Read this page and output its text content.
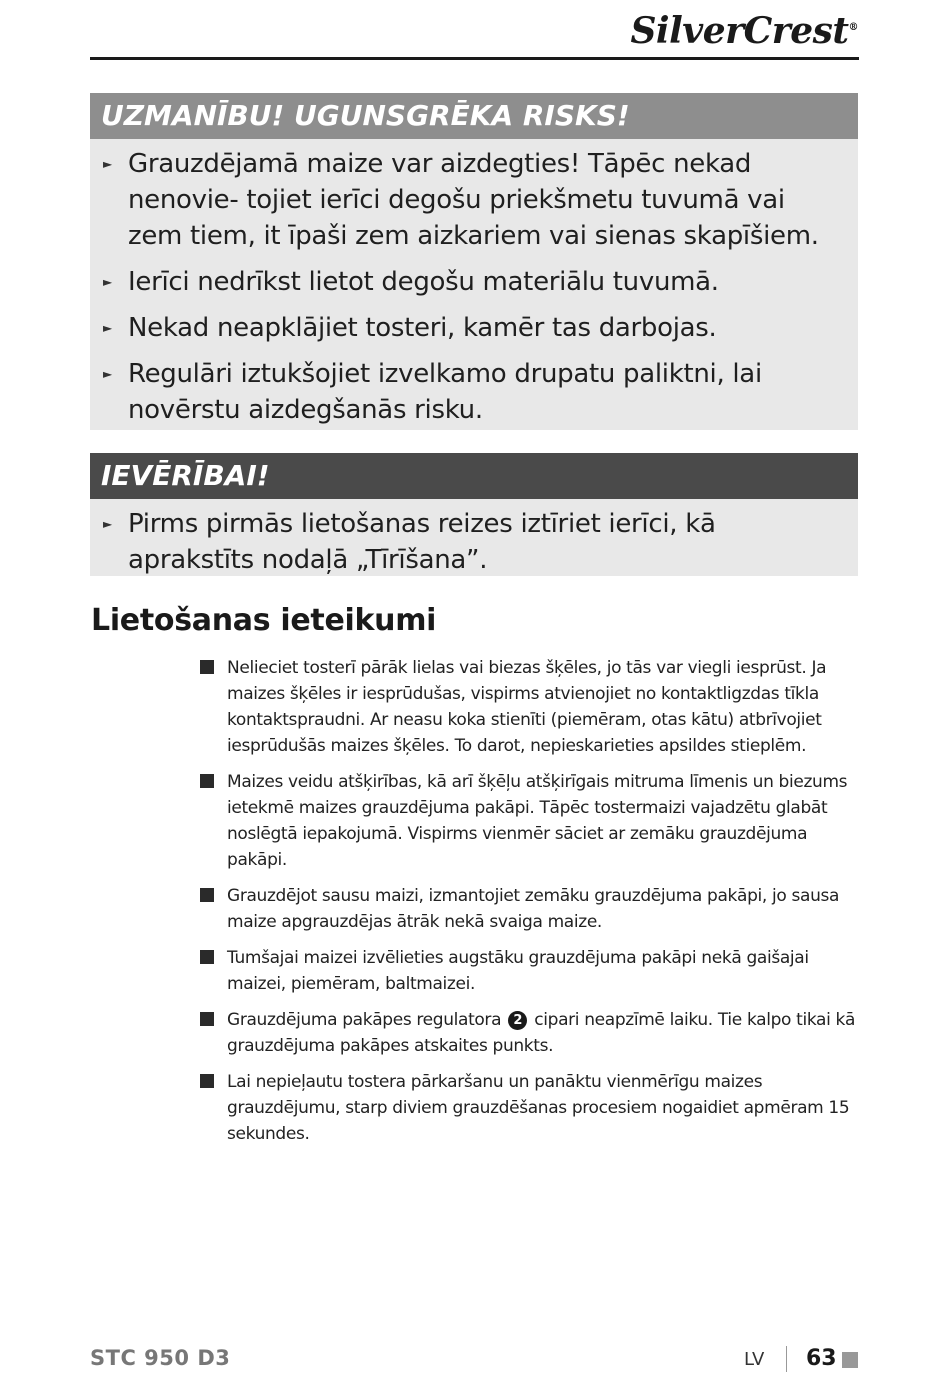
SilverCrest®
UZMANĪBU! UGUNSGRĒKA RISKS!
► Grauzdējamā maize var aizdegties! Tāpēc nekad nenovie- tojiet ierīci degošu priekšmetu tuvumā vai zem tiem, it īpaši zem aizkariem vai sienas skapīšiem.
► Ierīci nedrīkst lietot degošu materiālu tuvumā.
► Nekad neapklājiet tosteri, kamēr tas darbojas.
► Regulāri iztukšojiet izvelkamo drupatu paliktni, lai novērstu aizdegšanās risku.
IEVĒRĪBAI!
► Pirms pirmās lietošanas reizes iztīriet ierīci, kā aprakstīts nodaļā „Tīrīšana”.
Lietošanas ieteikumi
Nelieciet tosterī pārāk lielas vai biezas šķēles, jo tās var viegli iesprūst. Ja maizes šķēles ir iesprūdušas, vispirms atvienojiet no kontaktligzdas tīkla kontaktspraudni. Ar neasu koka stienīti (piemēram, otas kātu) atbrīvojiet iesprūdušās maizes šķēles. To darot, nepieskarieties apsildes stieplēm.
Maizes veidu atšķirības, kā arī šķēļu atšķirīgais mitruma līmenis un biezums ietekmē maizes grauzdējuma pakāpi. Tāpēc tostermaizi vajadzētu glabāt noslēgtā iepakojumā. Vispirms vienmēr sāciet ar zemāku grauzdējuma pakāpi.
Grauzdējot sausu maizi, izmantojiet zemāku grauzdējuma pakāpi, jo sausa maize apgrauzdējas ātrāk nekā svaiga maize.
Tumšajai maizei izvēlieties augstāku grauzdējuma pakāpi nekā gaišajai maizei, piemēram, baltmaizei.
Grauzdējuma pakāpes regulatora 2 cipari neapzīmē laiku. Tie kalpo tikai kā grauzdējuma pakāpes atskaites punkts.
Lai nepieļautu tostera pārkaršanu un panāktu vienmērīgu maizes grauzdējumu, starp diviem grauzdēšanas procesiem nogaidiet apmēram 15 sekundes.
STC 950 D3	LV 63
